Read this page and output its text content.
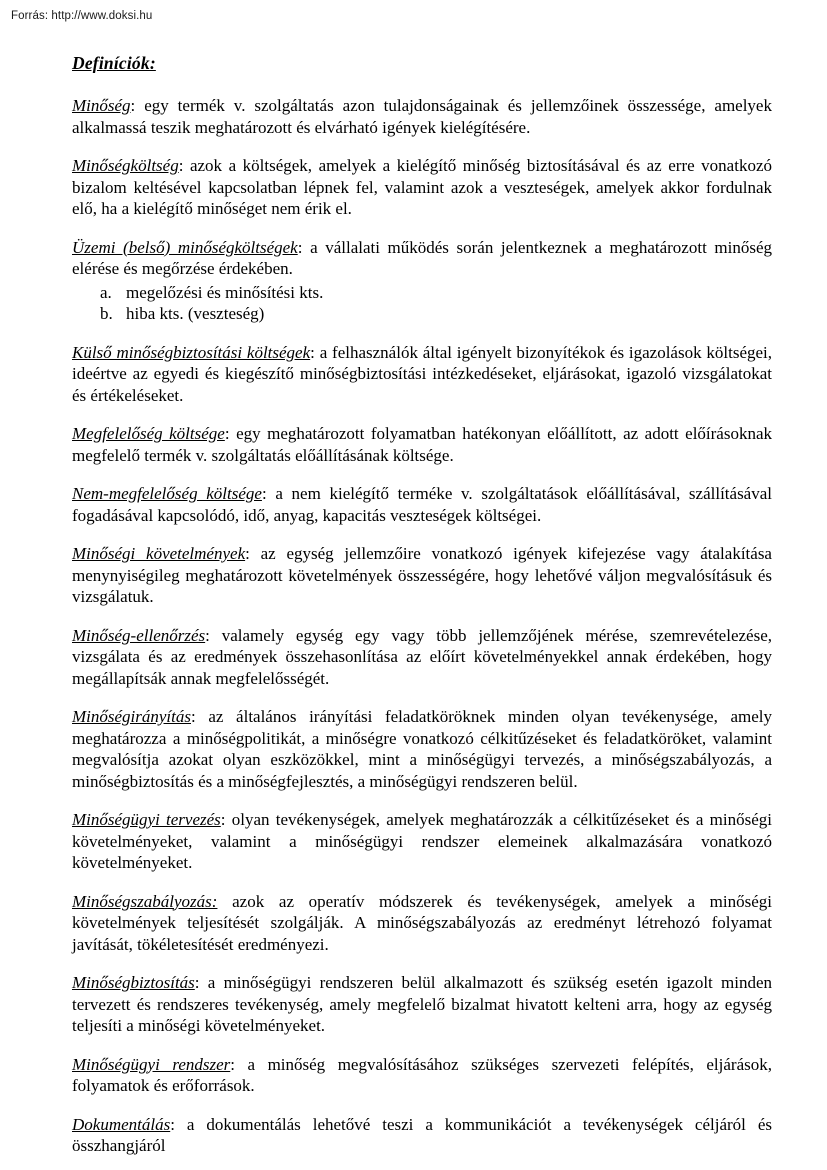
Forrás: http://www.doksi.hu
Definíciók:

Minőség: egy termék v. szolgáltatás azon tulajdonságainak és jellemzőinek összessége, amelyek alkalmassá teszik meghatározott és elvárható igények kielégítésére.

Minőségköltség: azok a költségek, amelyek a kielégítő minőség biztosításával és az erre vonatkozó bizalom keltésével kapcsolatban lépnek fel, valamint azok a veszteségek, amelyek akkor fordulnak elő, ha a kielégítő minőséget nem érik el.

Üzemi (belső) minőségköltségek: a vállalati működés során jelentkeznek a meghatározott minőség elérése és megőrzése érdekében.

a. megelőzési és minősítési kts.
b. hiba kts. (veszteség)

Külső minőségbiztosítási költségek: a felhasználók által igényelt bizonyítékok és igazolások költségei, ideértve az egyedi és kiegészítő minőségbiztosítási intézkedéseket, eljárásokat, igazoló vizsgálatokat és értékeléseket.

Megfelelőség költsége: egy meghatározott folyamatban hatékonyan előállított, az adott előírásoknak megfelelő termék v. szolgáltatás előállításának költsége.

Nem-megfelelőség költsége: a nem kielégítő terméke v. szolgáltatások előállításával, szállításával fogadásával kapcsolódó, idő, anyag, kapacitás veszteségek költségei.

Minőségi követelmények: az egység jellemzőire vonatkozó igények kifejezése vagy átalakítása menynyiségileg meghatározott követelmények összességére, hogy lehetővé váljon megvalósításuk és vizsgálatuk.

Minőség-ellenőrzés: valamely egység egy vagy több jellemzőjének mérése, szemrevételezése, vizsgálata és az eredmények összehasonlítása az előírt követelményekkel annak érdekében, hogy megállapítsák annak megfelelősségét.

Minőségirányítás: az általános irányítási feladatköröknek minden olyan tevékenysége, amely meghatározza a minőségpolitikát, a minőségre vonatkozó célkitűzéseket és feladatköröket, valamint megvalósítja azokat olyan eszközökkel, mint a minőségügyi tervezés, a minőségszabályozás, a minőségbiztosítás és a minőségfejlesztés, a minőségügyi rendszeren belül.

Minőségügyi tervezés: olyan tevékenységek, amelyek meghatározzák a célkitűzéseket és a minőségi követelményeket, valamint a minőségügyi rendszer elemeinek alkalmazására vonatkozó követelményeket.

Minőségszabályozás: azok az operatív módszerek és tevékenységek, amelyek a minőségi követelmények teljesítését szolgálják. A minőségszabályozás az eredményt létrehozó folyamat javítását, tökéletesítését eredményezi.

Minőségbiztosítás: a minőségügyi rendszeren belül alkalmazott és szükség esetén igazolt minden tervezett és rendszeres tevékenység, amely megfelelő bizalmat hivatott kelteni arra, hogy az egység teljesíti a minőségi követelményeket.

Minőségügyi rendszer: a minőség megvalósításához szükséges szervezeti felépítés, eljárások, folyamatok és erőforrások.

Dokumentálás: a dokumentálás lehetővé teszi a kommunikációt a tevékenységek céljáról és összhangjáról
